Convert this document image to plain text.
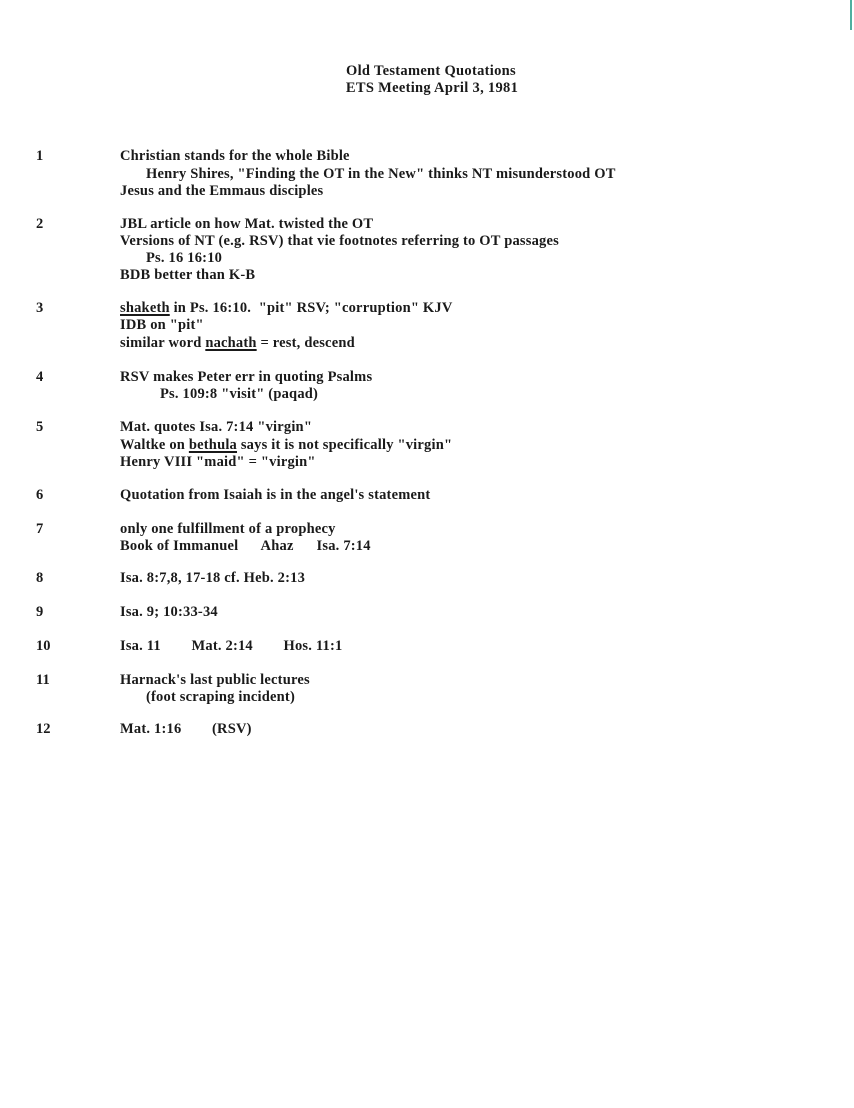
Old Testament Quotations
ETS Meeting April 3, 1981
1	Christian stands for the whole Bible
Henry Shires, "Finding the OT in the New" thinks NT misunderstood OT
Jesus and the Emmaus disciples
2	JBL article on how Mat. twisted the OT
Versions of NT (e.g. RSV) that vie footnotes referring to OT passages
Ps. 16 16:10
BDB better than K-B
3	shaketh in Ps. 16:10.  "pit" RSV; "corruption" KJV
IDB on "pit"
similar word nachath = rest, descend
4	RSV makes Peter err in quoting Psalms
Ps. 109:8 "visit" (paqad)
5	Mat. quotes Isa. 7:14 "virgin"
Waltke on bethula says it is not specifically "virgin"
Henry VIII "maid" = "virgin"
6	Quotation from Isaiah is in the angel's statement
7	only one fulfillment of a prophecy
Book of Immanuel      Ahaz      Isa. 7:14
8	Isa. 8:7,8, 17-18 cf. Heb. 2:13
9	Isa. 9; 10:33-34
10	Isa. 11        Mat. 2:14        Hos. 11:1
11	Harnack's last public lectures
(foot scraping incident)
12	Mat. 1:16        (RSV)
